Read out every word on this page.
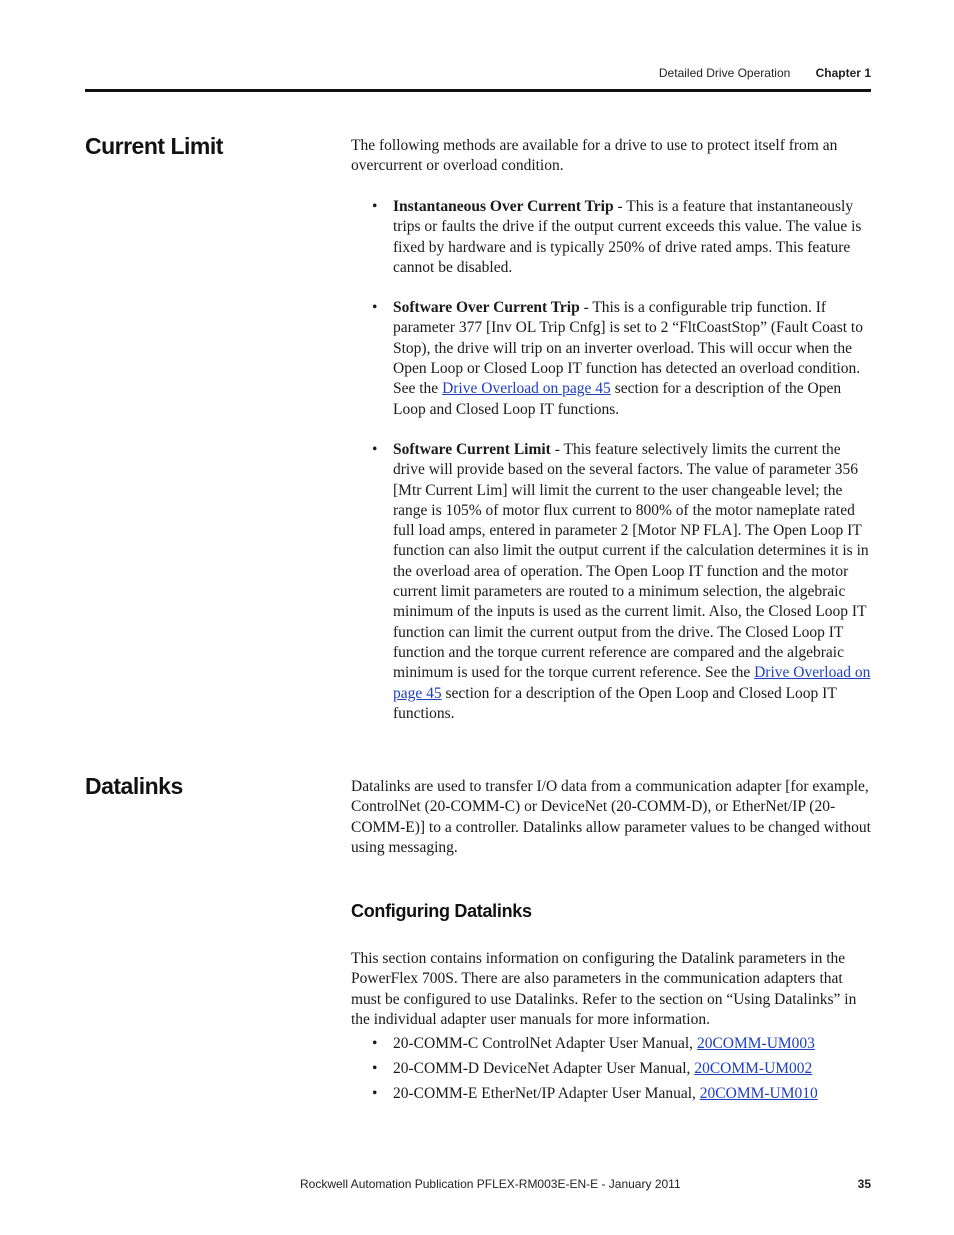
Detailed Drive Operation Chapter 1
Current Limit	The following methods are available for a drive to use to protect itself from an overcurrent or overload condition.

• Instantaneous Over Current Trip - This is a feature that instantaneously trips or faults the drive if the output current exceeds this value. The value is fixed by hardware and is typically 250% of drive rated amps. This feature cannot be disabled.
• Software Over Current Trip - This is a configurable trip function. If parameter 377 [Inv OL Trip Cnfg] is set to 2 “FltCoastStop” (Fault Coast to Stop), the drive will trip on an inverter overload. This will occur when the Open Loop or Closed Loop IT function has detected an overload condition. See the Drive Overload on page 45 section for a description of the Open Loop and Closed Loop IT functions.
• Software Current Limit - This feature selectively limits the current the drive will provide based on the several factors. The value of parameter 356 [Mtr Current Lim] will limit the current to the user changeable level; the range is 105% of motor flux current to 800% of the motor nameplate rated full load amps, entered in parameter 2 [Motor NP FLA]. The Open Loop IT function can also limit the output current if the calculation determines it is in the overload area of operation. The Open Loop IT function and the motor current limit parameters are routed to a minimum selection, the algebraic minimum of the inputs is used as the current limit. Also, the Closed Loop IT function can limit the current output from the drive. The Closed Loop IT function and the torque current reference are compared and the algebraic minimum is used for the torque current reference. See the Drive Overload on page 45 section for a description of the Open Loop and Closed Loop IT functions.
Datalinks	Datalinks are used to transfer I/O data from a communication adapter [for example, ControlNet (20-COMM-C) or DeviceNet (20-COMM-D), or EtherNet/IP (20-COMM-E)] to a controller. Datalinks allow parameter values to be changed without using messaging.

Configuring Datalinks

This section contains information on configuring the Datalink parameters in the PowerFlex 700S. There are also parameters in the communication adapters that must be configured to use Datalinks. Refer to the section on “Using Datalinks” in the individual adapter user manuals for more information.

• 20-COMM-C ControlNet Adapter User Manual, 20COMM-UM003
• 20-COMM-D DeviceNet Adapter User Manual, 20COMM-UM002
• 20-COMM-E EtherNet/IP Adapter User Manual, 20COMM-UM010
Rockwell Automation Publication PFLEX-RM003E-EN-E - January 2011	35
